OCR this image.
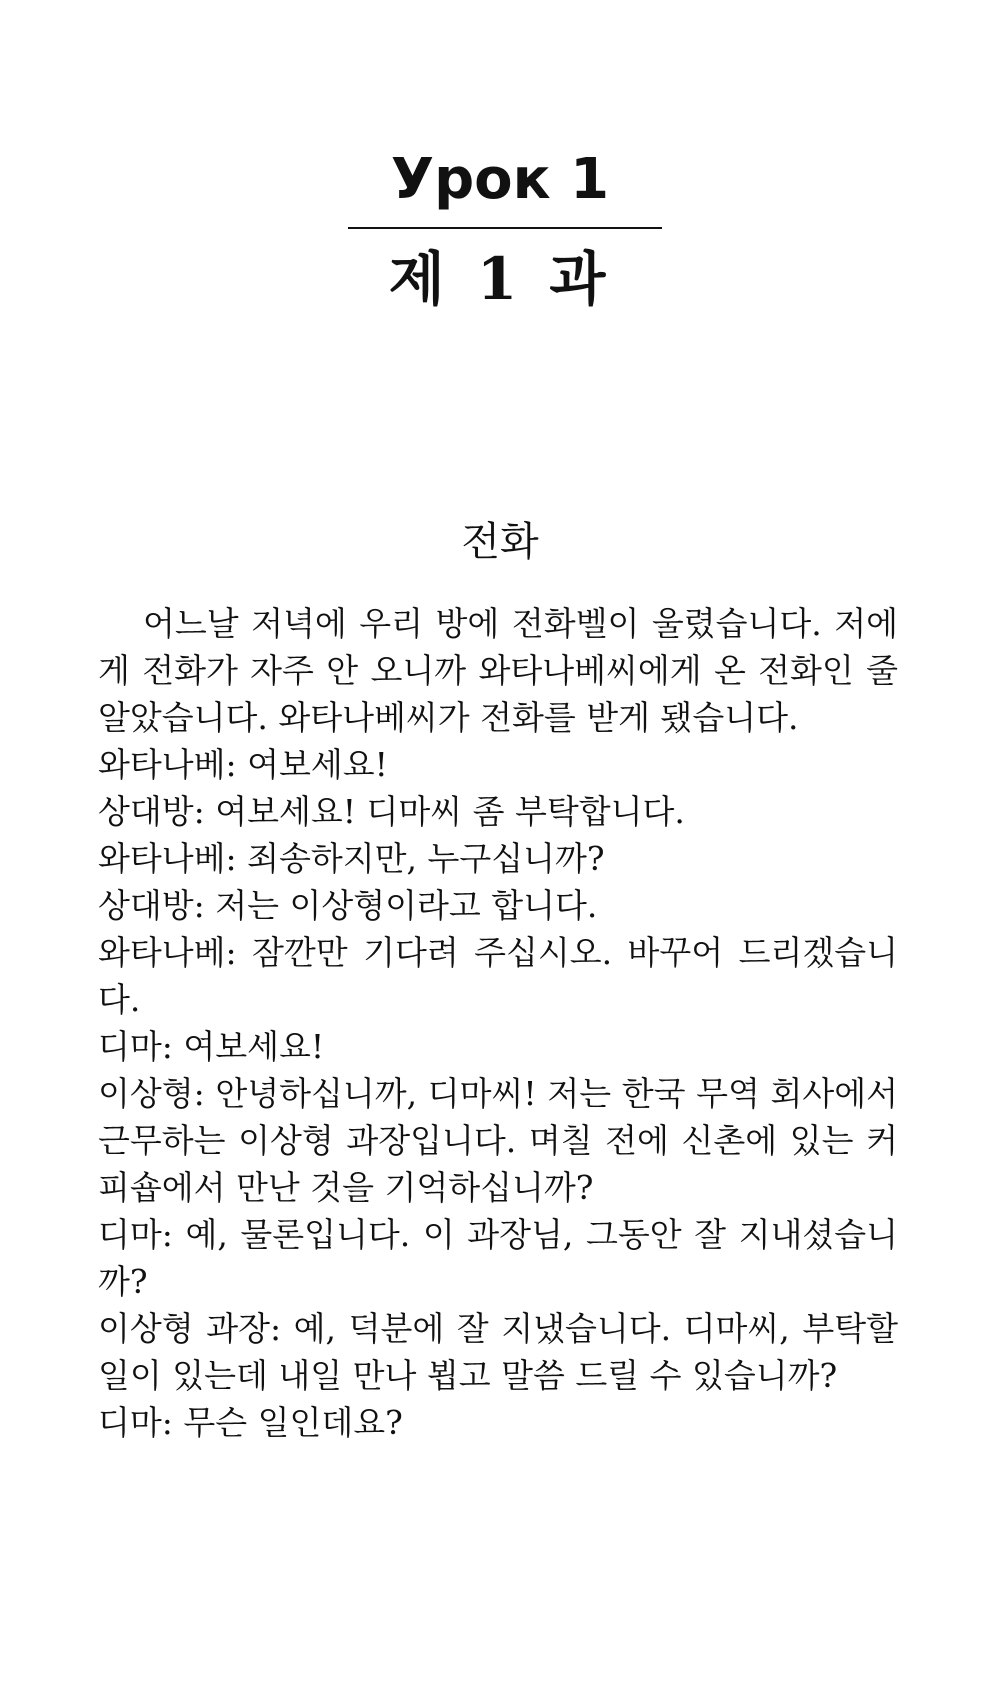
Урок 1
제 1 과
전화

어느날 저녁에 우리 방에 전화벨이 울렸습니다. 저에게 전화가 자주 안 오니까 와타나베씨에게 온 전화인 줄 알았습니다. 와타나베씨가 전화를 받게 됐습니다.

와타나베: 여보세요!

상대방: 여보세요! 디마씨 좀 부탁합니다.

와타나베: 죄송하지만, 누구십니까?

상대방: 저는 이상형이라고 합니다.

와타나베: 잠깐만 기다려 주십시오. 바꾸어 드리겠습니다.

디마: 여보세요!

이상형: 안녕하십니까, 디마씨! 저는 한국 무역 회사에서 근무하는 이상형 과장입니다. 며칠 전에 신촌에 있는 커피숍에서 만난 것을 기억하십니까?

디마: 예, 물론입니다. 이 과장님, 그동안 잘 지내셨습니까?

이상형 과장: 예, 덕분에 잘 지냈습니다. 디마씨, 부탁할 일이 있는데 내일 만나 뵙고 말씀 드릴 수 있습니까?

디마: 무슨 일인데요?
